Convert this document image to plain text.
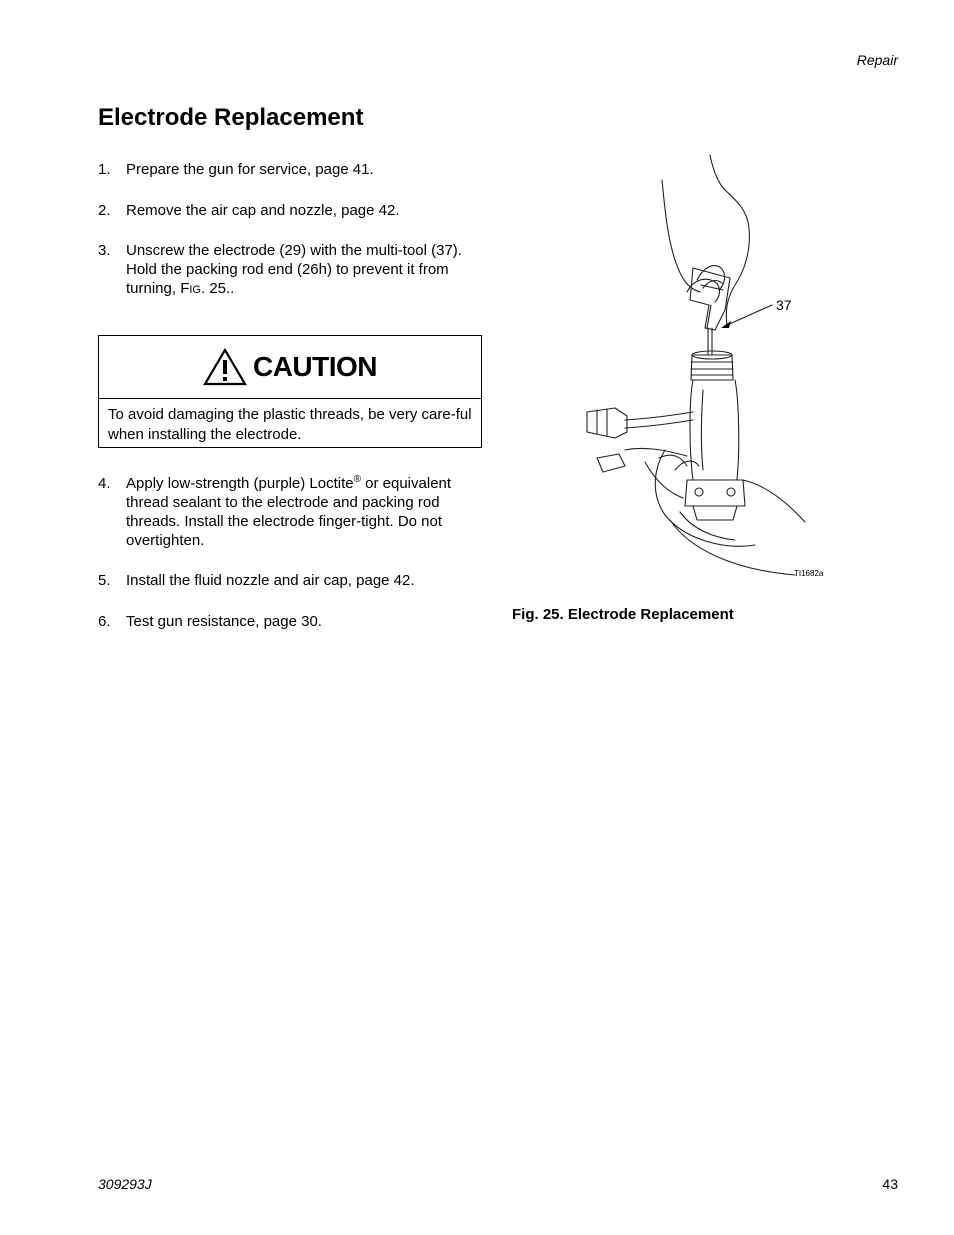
Repair
Electrode Replacement
1. Prepare the gun for service, page 41.
2. Remove the air cap and nozzle, page 42.
3. Unscrew the electrode (29) with the multi-tool (37). Hold the packing rod end (26h) to prevent it from turning, FIG. 25..
CAUTION
To avoid damaging the plastic threads, be very care-ful when installing the electrode.
4. Apply low-strength (purple) Loctite® or equivalent thread sealant to the electrode and packing rod threads. Install the electrode finger-tight. Do not overtighten.
5. Install the fluid nozzle and air cap, page 42.
6. Test gun resistance, page 30.
37
TI1682a
Fig. 25. Electrode Replacement
309293J	43
